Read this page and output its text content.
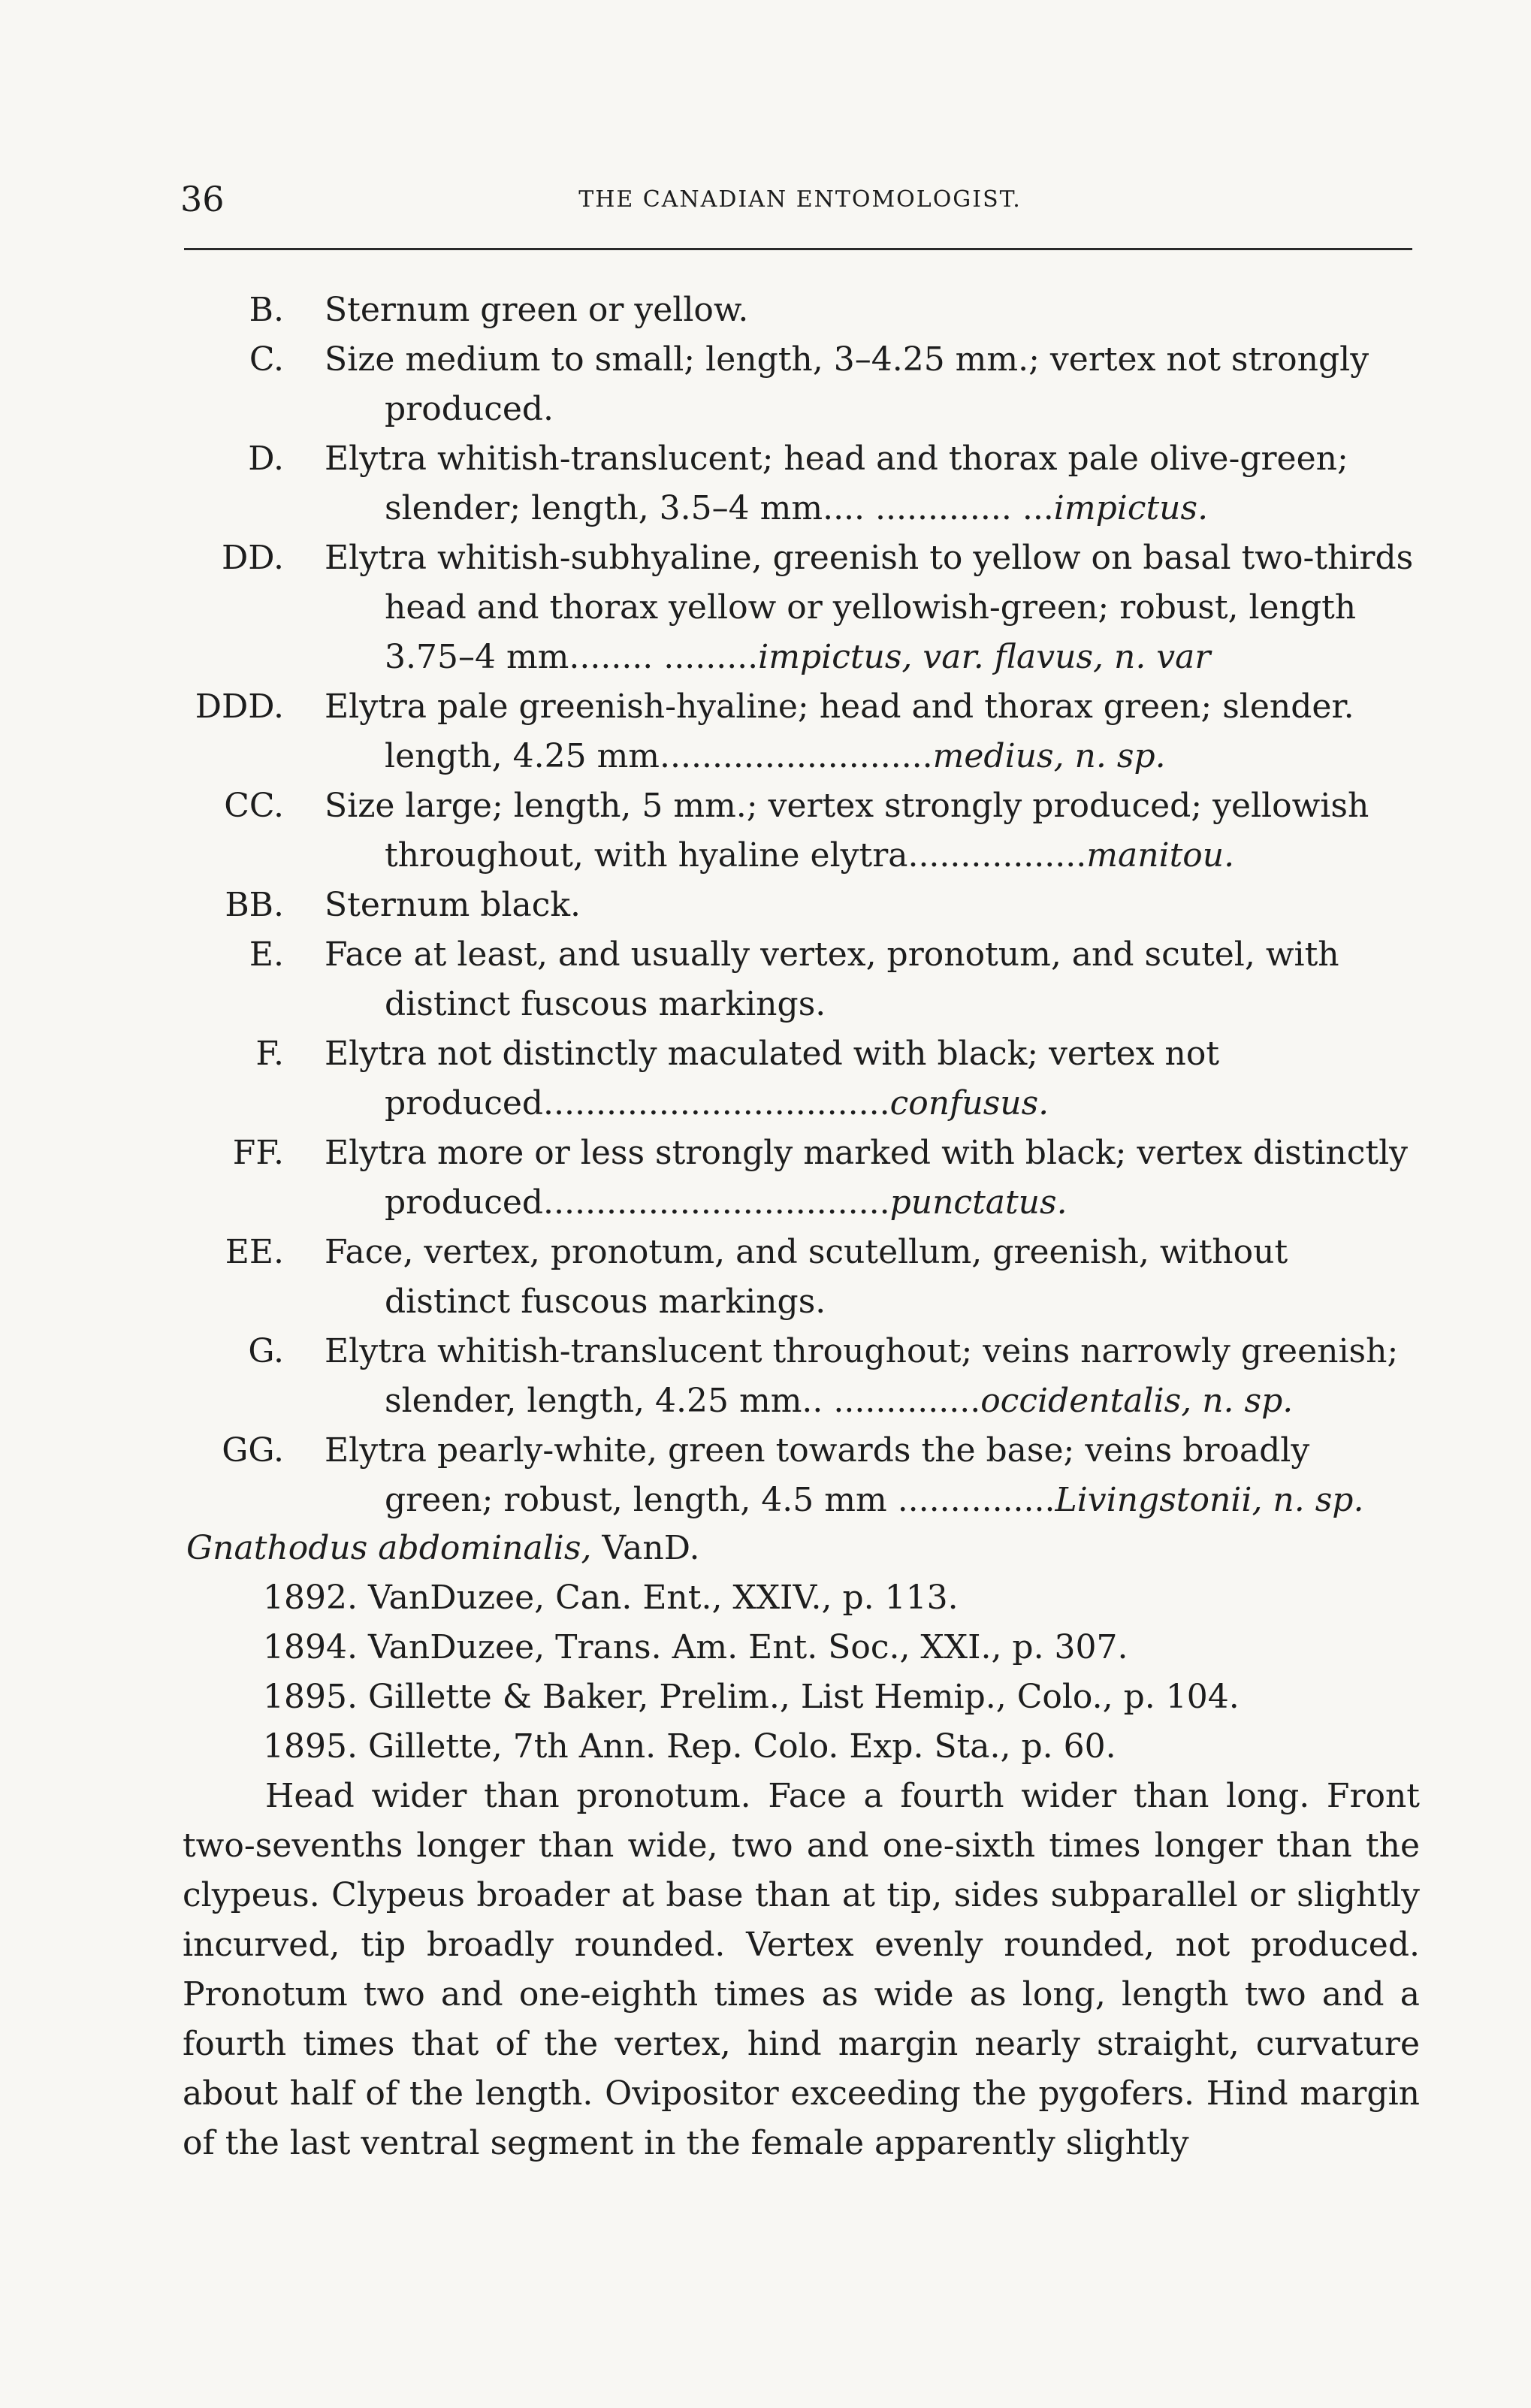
36	THE CANADIAN ENTOMOLOGIST.
B. Sternum green or yellow.
C. Size medium to small; length, 3–4.25 mm.; vertex not strongly produced.
D. Elytra whitish-translucent; head and thorax pale olive-green; slender; length, 3.5–4 mm.... ............. ...impictus.
DD. Elytra whitish-subhyaline, greenish to yellow on basal two-thirds head and thorax yellow or yellowish-green; robust, length 3.75–4 mm........ .........impictus, var. flavus, n. var
DDD. Elytra pale greenish-hyaline; head and thorax green; slender. length, 4.25 mm..........................medius, n. sp.
CC. Size large; length, 5 mm.; vertex strongly produced; yellowish throughout, with hyaline elytra.................manitou.
BB. Sternum black.
E. Face at least, and usually vertex, pronotum, and scutel, with distinct fuscous markings.
F. Elytra not distinctly maculated with black; vertex not produced.................................confusus.
FF. Elytra more or less strongly marked with black; vertex distinctly produced.................................punctatus.
EE. Face, vertex, pronotum, and scutellum, greenish, without distinct fuscous markings.
G. Elytra whitish-translucent throughout; veins narrowly greenish; slender, length, 4.25 mm.. ..............occidentalis, n. sp.
GG. Elytra pearly-white, green towards the base; veins broadly green; robust, length, 4.5 mm ...............Livingstonii, n. sp.
Gnathodus abdominalis, VanD.
1892. VanDuzee, Can. Ent., XXIV., p. 113.
1894. VanDuzee, Trans. Am. Ent. Soc., XXI., p. 307.
1895. Gillette & Baker, Prelim., List Hemip., Colo., p. 104.
1895. Gillette, 7th Ann. Rep. Colo. Exp. Sta., p. 60.
Head wider than pronotum. Face a fourth wider than long. Front two-sevenths longer than wide, two and one-sixth times longer than the clypeus. Clypeus broader at base than at tip, sides subparallel or slightly incurved, tip broadly rounded. Vertex evenly rounded, not produced. Pronotum two and one-eighth times as wide as long, length two and a fourth times that of the vertex, hind margin nearly straight, curvature about half of the length. Ovipositor exceeding the pygofers. Hind margin of the last ventral segment in the female apparently slightly
